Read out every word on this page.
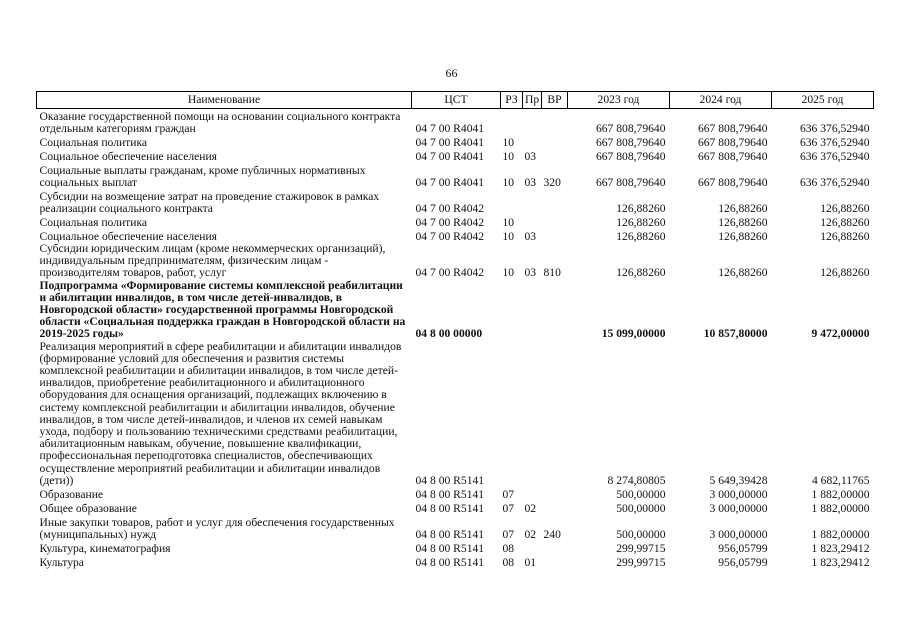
66
Наименование	ЦСТ	РЗ	Пр	ВР	2023 год	2024 год	2025 год
Оказание государственной помощи на основании социального контракта отдельным категориям граждан	04 7 00 R4041				667 808,79640	667 808,79640	636 376,52940
Социальная политика	04 7 00 R4041	10			667 808,79640	667 808,79640	636 376,52940
Социальное обеспечение населения	04 7 00 R4041	10	03		667 808,79640	667 808,79640	636 376,52940
Социальные выплаты гражданам, кроме публичных нормативных социальных выплат	04 7 00 R4041	10	03	320	667 808,79640	667 808,79640	636 376,52940
Субсидии на возмещение затрат на проведение стажировок в рамках реализации социального контракта	04 7 00 R4042				126,88260	126,88260	126,88260
Социальная политика	04 7 00 R4042	10			126,88260	126,88260	126,88260
Социальное обеспечение населения	04 7 00 R4042	10	03		126,88260	126,88260	126,88260
Субсидии юридическим лицам (кроме некоммерческих организаций), индивидуальным предпринимателям, физическим лицам - производителям товаров, работ, услуг	04 7 00 R4042	10	03	810	126,88260	126,88260	126,88260
Подпрограмма «Формирование системы комплексной реабилитации и абилитации инвалидов, в том числе детей-инвалидов, в Новгородской области» государственной программы Новгородской области «Социальная поддержка граждан в Новгородской области на 2019-2025 годы»	04 8 00 00000				15 099,00000	10 857,80000	9 472,00000
Реализация мероприятий в сфере реабилитации и абилитации инвалидов (формирование условий для обеспечения и развития системы комплексной реабилитации и абилитации инвалидов, в том числе детей-инвалидов, приобретение реабилитационного и абилитационного оборудования для оснащения организаций, подлежащих включению в систему комплексной реабилитации и абилитации инвалидов, обучение инвалидов, в том числе детей-инвалидов, и членов их семей навыкам ухода, подбору и пользованию техническими средствами реабилитации, абилитационным навыкам, обучение, повышение квалификации, профессиональная переподготовка специалистов, обеспечивающих осуществление мероприятий реабилитации и абилитации инвалидов (дети))	04 8 00 R5141				8 274,80805	5 649,39428	4 682,11765
Образование	04 8 00 R5141	07			500,00000	3 000,00000	1 882,00000
Общее образование	04 8 00 R5141	07	02		500,00000	3 000,00000	1 882,00000
Иные закупки товаров, работ и услуг для обеспечения государственных (муниципальных) нужд	04 8 00 R5141	07	02	240	500,00000	3 000,00000	1 882,00000
Культура, кинематография	04 8 00 R5141	08			299,99715	956,05799	1 823,29412
Культура	04 8 00 R5141	08	01		299,99715	956,05799	1 823,29412
